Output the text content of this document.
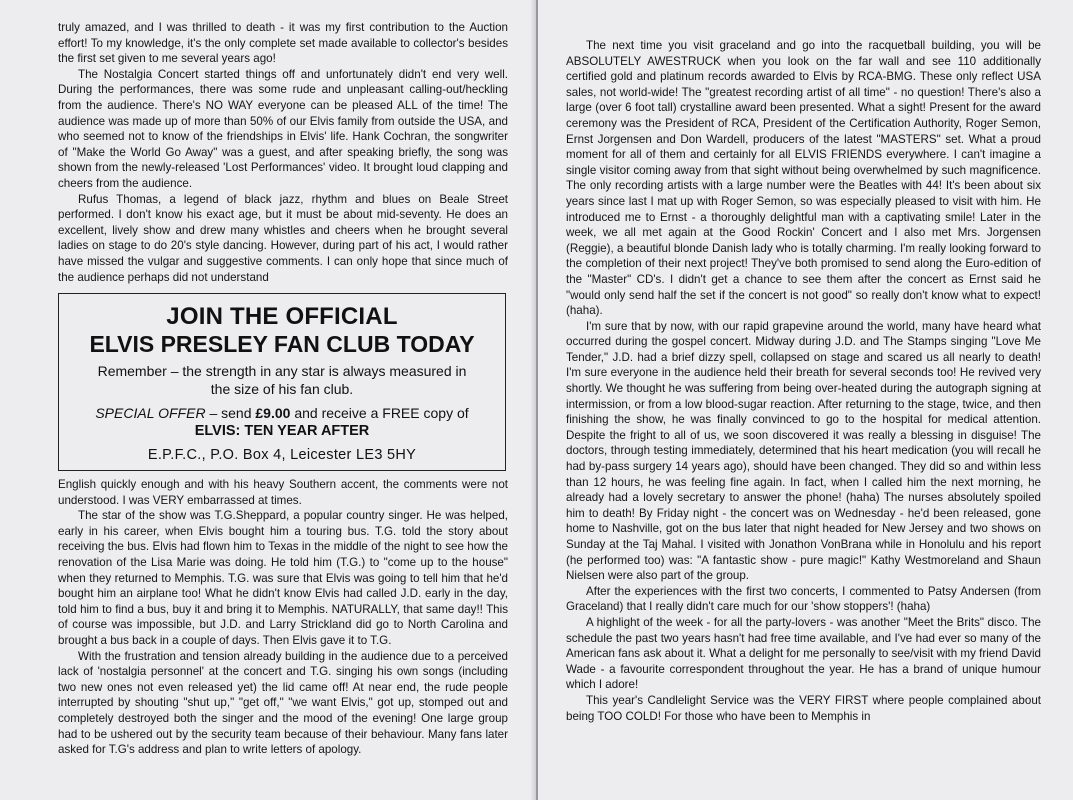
truly amazed, and I was thrilled to death - it was my first contribution to the Auction effort! To my knowledge, it's the only complete set made available to collector's besides the first set given to me several years ago!

The Nostalgia Concert started things off and unfortunately didn't end very well. During the performances, there was some rude and unpleasant calling-out/heckling from the audience. There's NO WAY everyone can be pleased ALL of the time! The audience was made up of more than 50% of our Elvis family from outside the USA, and who seemed not to know of the friendships in Elvis' life. Hank Cochran, the songwriter of "Make the World Go Away" was a guest, and after speaking briefly, the song was shown from the newly-released 'Lost Performances' video. It brought loud clapping and cheers from the audience.

Rufus Thomas, a legend of black jazz, rhythm and blues on Beale Street performed. I don't know his exact age, but it must be about mid-seventy. He does an excellent, lively show and drew many whistles and cheers when he brought several ladies on stage to do 20's style dancing. However, during part of his act, I would rather have missed the vulgar and suggestive comments. I can only hope that since much of the audience perhaps did not understand

JOIN THE OFFICIAL
ELVIS PRESLEY FAN CLUB TODAY
Remember – the strength in any star is always measured in
the size of his fan club.
SPECIAL OFFER – send £9.00 and receive a FREE copy of
ELVIS: TEN YEAR AFTER
E.P.F.C., P.O. Box 4, Leicester LE3 5HY

English quickly enough and with his heavy Southern accent, the comments were not understood. I was VERY embarrassed at times.

The star of the show was T.G.Sheppard, a popular country singer. He was helped, early in his career, when Elvis bought him a touring bus. T.G. told the story about receiving the bus. Elvis had flown him to Texas in the middle of the night to see how the renovation of the Lisa Marie was doing. He told him (T.G.) to "come up to the house" when they returned to Memphis. T.G. was sure that Elvis was going to tell him that he'd bought him an airplane too! What he didn't know Elvis had called J.D. early in the day, told him to find a bus, buy it and bring it to Memphis. NATURALLY, that same day!! This of course was impossible, but J.D. and Larry Strickland did go to North Carolina and brought a bus back in a couple of days. Then Elvis gave it to T.G.

With the frustration and tension already building in the audience due to a perceived lack of 'nostalgia personnel' at the concert and T.G. singing his own songs (including two new ones not even released yet) the lid came off! At near end, the rude people interrupted by shouting "shut up," "get off," "we want Elvis," got up, stomped out and completely destroyed both the singer and the mood of the evening! One large group had to be ushered out by the security team because of their behaviour. Many fans later asked for T.G's address and plan to write letters of apology.

The next time you visit graceland and go into the racquetball building, you will be ABSOLUTELY AWESTRUCK when you look on the far wall and see 110 additionally certified gold and platinum records awarded to Elvis by RCA-BMG. These only reflect USA sales, not world-wide! The "greatest recording artist of all time" - no question! There's also a large (over 6 foot tall) crystalline award been presented. What a sight! Present for the award ceremony was the President of RCA, President of the Certification Authority, Roger Semon, Ernst Jorgensen and Don Wardell, producers of the latest "MASTERS" set. What a proud moment for all of them and certainly for all ELVIS FRIENDS everywhere. I can't imagine a single visitor coming away from that sight without being overwhelmed by such magnificence. The only recording artists with a large number were the Beatles with 44! It's been about six years since last I mat up with Roger Semon, so was especially pleased to visit with him. He introduced me to Ernst - a thoroughly delightful man with a captivating smile! Later in the week, we all met again at the Good Rockin' Concert and I also met Mrs. Jorgensen (Reggie), a beautiful blonde Danish lady who is totally charming. I'm really looking forward to the completion of their next project! They've both promised to send along the Euro-edition of the "Master" CD's. I didn't get a chance to see them after the concert as Ernst said he "would only send half the set if the concert is not good" so really don't know what to expect! (haha).

I'm sure that by now, with our rapid grapevine around the world, many have heard what occurred during the gospel concert. Midway during J.D. and The Stamps singing "Love Me Tender," J.D. had a brief dizzy spell, collapsed on stage and scared us all nearly to death! I'm sure everyone in the audience held their breath for several seconds too! He revived very shortly. We thought he was suffering from being over-heated during the autograph signing at intermission, or from a low blood-sugar reaction. After returning to the stage, twice, and then finishing the show, he was finally convinced to go to the hospital for medical attention. Despite the fright to all of us, we soon discovered it was really a blessing in disguise! The doctors, through testing immediately, determined that his heart medication (you will recall he had by-pass surgery 14 years ago), should have been changed. They did so and within less than 12 hours, he was feeling fine again. In fact, when I called him the next morning, he already had a lovely secretary to answer the phone! (haha) The nurses absolutely spoiled him to death! By Friday night - the concert was on Wednesday - he'd been released, gone home to Nashville, got on the bus later that night headed for New Jersey and two shows on Sunday at the Taj Mahal. I visited with Jonathon VonBrana while in Honolulu and his report (he performed too) was: "A fantastic show - pure magic!" Kathy Westmoreland and Shaun Nielsen were also part of the group.

After the experiences with the first two concerts, I commented to Patsy Andersen (from Graceland) that I really didn't care much for our 'show stoppers'! (haha)

A highlight of the week - for all the party-lovers - was another "Meet the Brits" disco. The schedule the past two years hasn't had free time available, and I've had ever so many of the American fans ask about it. What a delight for me personally to see/visit with my friend David Wade - a favourite correspondent throughout the year. He has a brand of unique humour which I adore!

This year's Candlelight Service was the VERY FIRST where people complained about being TOO COLD! For those who have been to Memphis in
